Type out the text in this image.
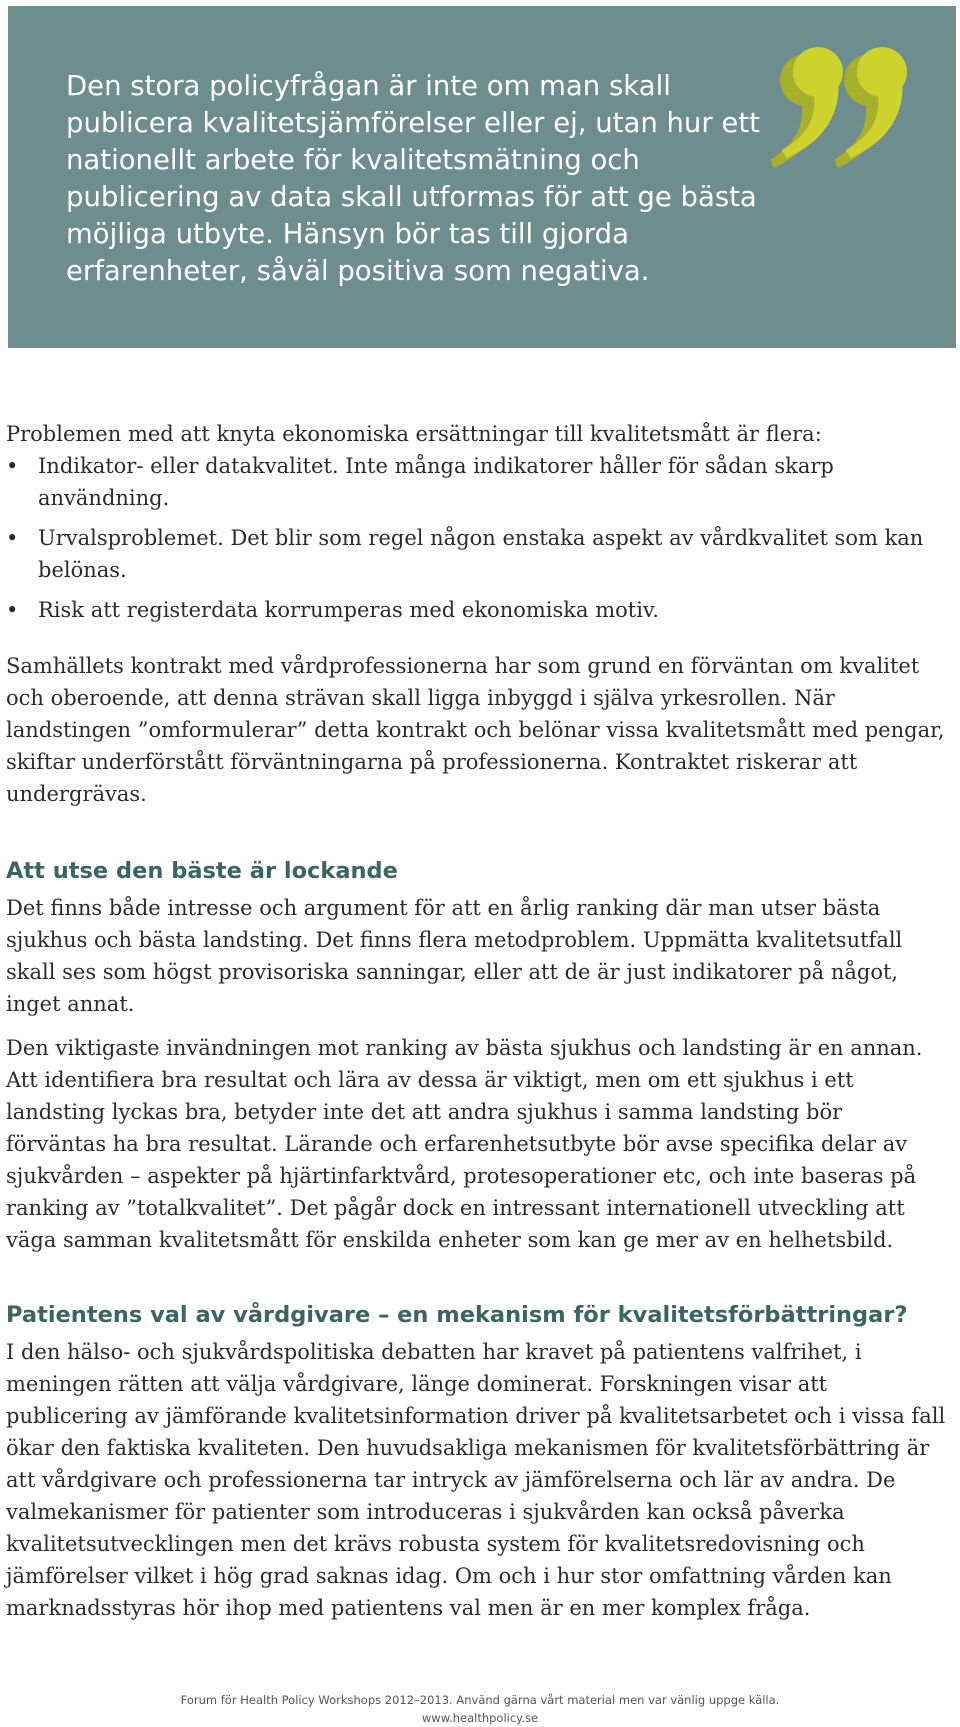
Den stora policyfrågan är inte om man skall publicera kvalitetsjämförelser eller ej, utan hur ett nationellt arbete för kvalitetsmätning och publicering av data skall utformas för att ge bästa möjliga utbyte. Hänsyn bör tas till gjorda erfarenheter, såväl positiva som negativa.

Problemen med att knyta ekonomiska ersättningar till kvalitetsmått är flera:

• Indikator- eller datakvalitet. Inte många indikatorer håller för sådan skarp användning.
• Urvalsproblemet. Det blir som regel någon enstaka aspekt av vårdkvalitet som kan belönas.
• Risk att registerdata korrumperas med ekonomiska motiv.

Samhällets kontrakt med vårdprofessionerna har som grund en förväntan om kvalitet och oberoende, att denna strävan skall ligga inbyggd i själva yrkesrollen. När landstingen ”omformulerar” detta kontrakt och belönar vissa kvalitetsmått med pengar, skiftar underförstått förväntningarna på professionerna. Kontraktet riskerar att undergrävas.

Att utse den bäste är lockande

Det finns både intresse och argument för att en årlig ranking där man utser bästa sjukhus och bästa landsting. Det finns flera metodproblem. Uppmätta kvalitetsutfall skall ses som högst provisoriska sanningar, eller att de är just indikatorer på något, inget annat.

Den viktigaste invändningen mot ranking av bästa sjukhus och landsting är en annan. Att identifiera bra resultat och lära av dessa är viktigt, men om ett sjukhus i ett landsting lyckas bra, betyder inte det att andra sjukhus i samma landsting bör förväntas ha bra resultat. Lärande och erfarenhetsutbyte bör avse specifika delar av sjukvården – aspekter på hjärtinfarktvård, protesoperationer etc, och inte baseras på ranking av ”totalkvalitet”. Det pågår dock en intressant internationell utveckling att väga samman kvalitetsmått för enskilda enheter som kan ge mer av en helhetsbild.

Patientens val av vårdgivare – en mekanism för kvalitetsförbättringar?

I den hälso- och sjukvårdspolitiska debatten har kravet på patientens valfrihet, i meningen rätten att välja vårdgivare, länge dominerat. Forskningen visar att publicering av jämförande kvalitetsinformation driver på kvalitetsarbetet och i vissa fall ökar den faktiska kvaliteten. Den huvudsakliga mekanismen för kvalitetsförbättring är att vårdgivare och professionerna tar intryck av jämförelserna och lär av andra. De valmekanismer för patienter som introduceras i sjukvården kan också påverka kvalitetsutvecklingen men det krävs robusta system för kvalitetsredovisning och jämförelser vilket i hög grad saknas idag. Om och i hur stor omfattning vården kan marknadsstyras hör ihop med patientens val men är en mer komplex fråga.

Forum för Health Policy Workshops 2012–2013. Använd gärna vårt material men var vänlig uppge källa.
www.healthpolicy.se
